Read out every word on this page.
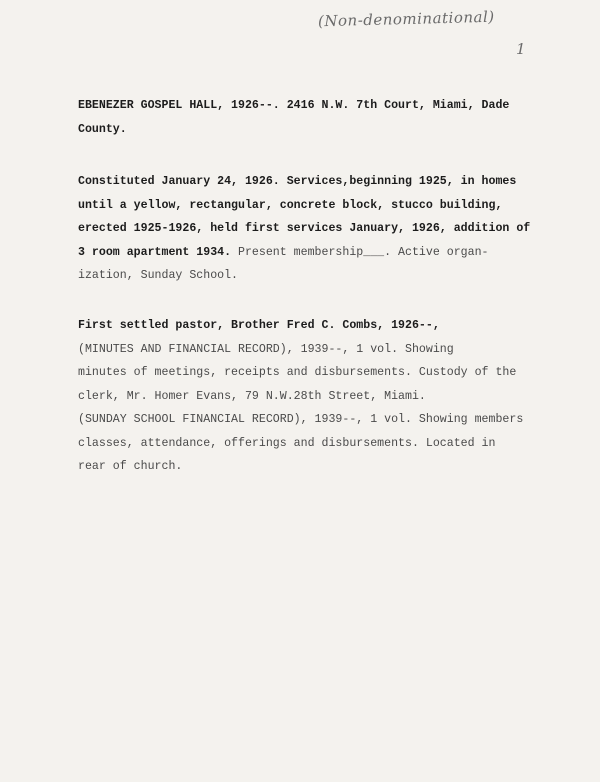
(Non-denominational)
1
EBENEZER GOSPEL HALL, 1926--. 2416 N.W. 7th Court, Miami, Dade
County.
Constituted January 24, 1926. Services,beginning 1925, in homes
until a yellow, rectangular, concrete block, stucco building,
erected 1925-1926, held first services January, 1926, addition of
3 room apartment 1934. Present membership___. Active organ-
ization, Sunday School.
First settled pastor, Brother Fred C. Combs, 1926--,
(MINUTES AND FINANCIAL RECORD), 1939--, 1 vol. Showing
minutes of meetings, receipts and disbursements. Custody of the
clerk, Mr. Homer Evans, 79 N.W.28th Street, Miami.
(SUNDAY SCHOOL FINANCIAL RECORD), 1939--, 1 vol. Showing members
classes, attendance, offerings and disbursements. Located in
rear of church.
